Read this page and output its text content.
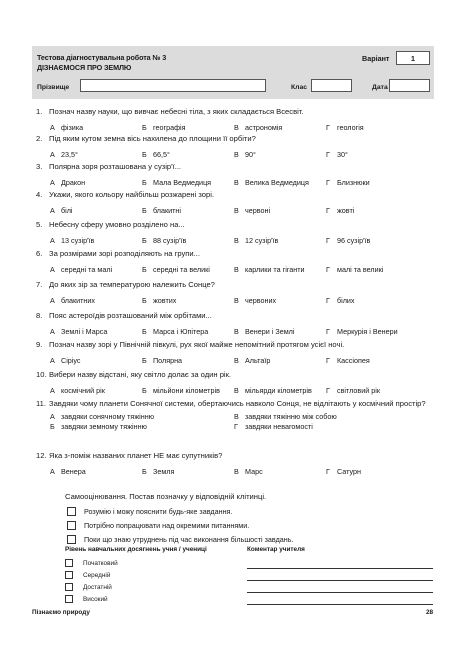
Тестова діагностувальна робота № 3
ДІЗНАЄМОСЯ ПРО ЗЕМЛЮ
Варіант	1
Прізвище	Клас	Дата
1. Познач назву науки, що вивчає небесні тіла, з яких складається Всесвіт.
А фізика	Б географія	В астрономія	Г геологія
2. Під яким кутом земна вісь нахилена до площини її орбіти?
А 23,5°	Б 66,5°	В 90°	Г 30°
3. Полярна зоря розташована у сузір'ї...
А Дракон	Б Мала Ведмедиця	В Велика Ведмедиця Г Близнюки
4. Укажи, якого кольору найбільш розжарені зорі.
А білі	Б блакитні	В червоні	Г жовті
5. Небесну сферу умовно розділено на...
А 13 сузір'їв	Б 88 сузір'їв	В 12 сузір'їв	Г 96 сузір'їв
6. За розмірами зорі розподіляють на групи...
А середні та малі	Б середні та великі	В карлики та гіганти	Г малі та великі
7. До яких зір за температурою належить Сонце?
А блакитних	Б жовтих	В червоних	Г білих
8. Пояс астероїдів розташований між орбітами...
А Землі і Марса	Б Марса і Юпітера	В Венери і Землі	Г Меркурія і Венери
9. Познач назву зорі у Північній півкулі, рух якої майже непомітний протягом усієї ночі.
А Сіріус	Б Полярна	В Альтаїр	Г Кассіопея
10. Вибери назву відстані, яку світло долає за один рік.
А космічний рік	Б мільйони кілометрів В мільярди кілометрів Г світловий рік
11. Завдяки чому планети Сонячної системи, обертаючись навколо Сонця, не відлітають у космічний простір?
А завдяки сонячному тяжінню	В завдяки тяжінню між собою
Б завдяки земному тяжінню	Г завдяки невагомості
12. Яка з-поміж названих планет НЕ має супутників?
А Венера	Б Земля	В Марс	Г Сатурн
Самооцінювання. Постав позначку у відповідній клітинці.
Розумію і можу пояснити будь-яке завдання.
Потрібно попрацювати над окремими питаннями.
Поки що знаю утруднень під час виконання більшості завдань.
Рівень навчальних досягнень учня / учениці
Початковий
Середній
Достатній
Високий
Коментар учителя
Пізнаємо природу	28
